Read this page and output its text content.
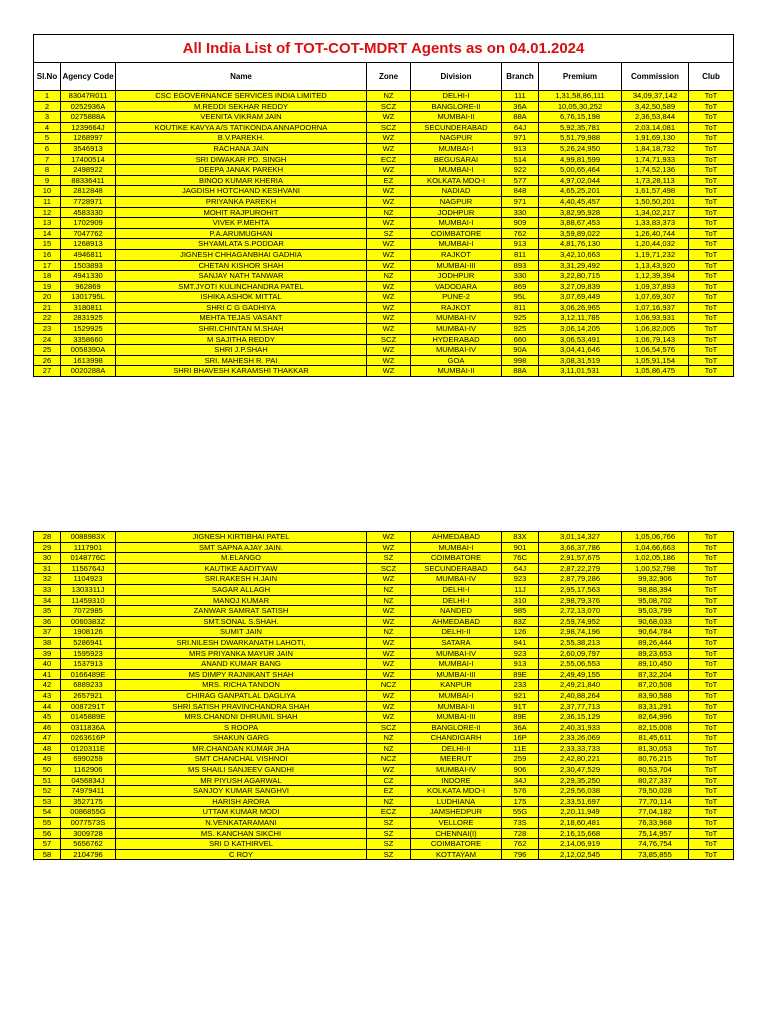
All India List of TOT-COT-MDRT Agents as on 04.01.2024								
Sl.No	Agency Code	Name	Zone	Division	Branch	Premium	Commission	Club
1	83047R011	CSC EGOVERNANCE SERVICES INDIA LIMITED	NZ	DELHI-I	111	1,31,58,86,111	34,09,37,142	ToT
2	0252936A	M.REDDI SEKHAR REDDY	SCZ	BANGLORE-II	36A	10,05,30,252	3,42,50,589	ToT
3	0275888A	VEENITA VIKRAM JAIN	WZ	MUMBAI-II	88A	6,76,15,198	2,36,53,844	ToT
4	1239664J	KOUTIKE KAVYA A/S TATIKONDA ANNAPOORNA	SCZ	SECUNDERABAD	64J	5,92,35,781	2,03,14,081	ToT
5	1268997	B.V.PAREKH.	WZ	NAGPUR	971	5,51,79,988	1,91,69,130	ToT
6	3546913	RACHANA JAIN	WZ	MUMBAI-I	913	5,26,24,950	1,84,18,732	ToT
7	17400514	SRI DIWAKAR PD. SINGH	ECZ	BEGUSARAI	514	4,99,81,599	1,74,71,933	ToT
8	2498922	DEEPA JANAK PAREKH	WZ	MUMBAI-I	922	5,00,65,464	1,74,52,136	ToT
9	88336411	BINOD KUMAR KHERIA	EZ	KOLKATA MDO-I	577	4,97,02,044	1,73,28,113	ToT
10	2812848	JAGDISH HOTCHAND KESHVANI	WZ	NADIAD	848	4,65,25,201	1,61,57,498	ToT
11	7728971	PRIYANKA PAREKH	WZ	NAGPUR	971	4,40,45,457	1,50,50,201	ToT
12	4583330	MOHIT RAJPUROHIT	NZ	JODHPUR	330	3,82,95,928	1,34,02,217	ToT
13	1702909	VIVEK P.MEHTA	WZ	MUMBAI-I	909	3,88,67,453	1,33,83,373	ToT
14	7047762	P.A.ARUMUGHAN	SZ	COIMBATORE	762	3,59,89,022	1,26,40,744	ToT
15	1268913	SHYAMLATA S.PODDAR	WZ	MUMBAI-I	913	4,81,76,130	1,20,44,032	ToT
16	4946811	JIGNESH CHHAGANBHAI GADHIA	WZ	RAJKOT	811	3,42,10,663	1,19,71,232	ToT
17	1503893	CHETAN KISHOR SHAH	WZ	MUMBAI-III	893	3,31,29,492	1,13,43,920	ToT
18	4941330	SANJAY NATH TANWAR	NZ	JODHPUR	330	3,22,80,715	1,12,39,394	ToT
19	962869	SMT.JYOTI KULINCHANDRA PATEL	WZ	VADODARA	869	3,27,09,839	1,09,37,893	ToT
20	1301795L	ISHIKA ASHOK MITTAL	WZ	PUNE-2	95L	3,07,69,449	1,07,69,307	ToT
21	3180811	SHRI C G GADHIYA	WZ	RAJKOT	811	3,06,26,965	1,07,16,937	ToT
22	2831925	MEHTA TEJAS VASANT	WZ	MUMBAI-IV	925	3,12,11,785	1,06,93,931	ToT
23	1529925	SHRI.CHINTAN M.SHAH	WZ	MUMBAI-IV	925	3,06,14,205	1,06,82,005	ToT
24	3358660	M SAJITHA REDDY	SCZ	HYDERABAD	660	3,06,53,491	1,06,79,143	ToT
25	0058390A	SHRI J.P.SHAH	WZ	MUMBAI-IV	90A	3,04,41,646	1,06,54,576	ToT
26	1613998	SRI. MAHESH R. PAI	WZ	GOA	998	3,08,31,519	1,05,91,154	ToT
27	0020288A	SHRI BHAVESH KARAMSHI THAKKAR	WZ	MUMBAI-II	88A	3,11,01,531	1,05,86,475	ToT
28	0088983X	JIGNESH KIRTIBHAI PATEL	WZ	AHMEDABAD	83X	3,01,14,327	1,05,06,766	ToT
29	1117901	SMT SAPNA AJAY JAIN.	WZ	MUMBAI-I	901	3,66,37,786	1,04,66,663	ToT
30	0148776C	M.ELANGO	SZ	COIMBATORE	76C	2,91,57,675	1,02,05,186	ToT
31	1156764J	KAUTIKE AADITYAW	SCZ	SECUNDERABAD	64J	2,87,22,279	1,00,52,798	ToT
32	1104923	SRI.RAKESH H.JAIN	WZ	MUMBAI-IV	923	2,87,79,286	99,32,906	ToT
33	1303311J	SAGAR ALLAGH	NZ	DELHI-I	11J	2,95,17,563	98,88,394	ToT
34	11459310	MANOJ KUMAR	NZ	DELHI-I	310	2,98,79,376	95,08,702	ToT
35	7072985	ZANWAR SAMRAT SATISH	WZ	NANDED	985	2,72,13,070	95,03,799	ToT
36	0060383Z	SMT.SONAL S.SHAH.	WZ	AHMEDABAD	83Z	2,59,74,952	90,68,033	ToT
37	1908126	SUMIT JAIN	NZ	DELHI-II	126	2,98,74,196	90,64,784	ToT
38	5286941	SRI.NILESH DWARKANATH LAHOTI,	WZ	SATARA	941	2,55,38,213	89,26,444	ToT
39	1595923	MRS PRIYANKA MAYUR JAIN	WZ	MUMBAI-IV	923	2,60,09,797	89,23,653	ToT
40	1537913	ANAND KUMAR BANG	WZ	MUMBAI-I	913	2,55,06,553	89,10,450	ToT
41	0166489E	MS DIMPY RAJNIKANT SHAH	WZ	MUMBAI-III	89E	2,49,49,155	87,32,204	ToT
42	6889233	MRS. RICHA TANDON	NCZ	KANPUR	233	2,49,21,840	87,20,508	ToT
43	2657921	CHIRAG GANPATLAL DAGLIYA	WZ	MUMBAI-I	921	2,40,88,264	83,90,588	ToT
44	0087291T	SHRI SATISH PRAVINCHANDRA SHAH	WZ	MUMBAI-II	91T	2,37,77,713	83,31,291	ToT
45	0145889E	MRS.CHANDNI DHRUMIL SHAH	WZ	MUMBAI-III	89E	2,36,15,129	82,64,996	ToT
46	0311836A	S ROOPA	SCZ	BANGLORE-II	36A	2,40,31,933	82,15,008	ToT
47	0263616P	SHAKUN GARG	NZ	CHANDIGARH	16P	2,33,26,069	81,45,611	ToT
48	0120311E	MR.CHANDAN KUMAR JHA	NZ	DELHI-II	11E	2,33,33,733	81,30,053	ToT
49	6990259	SMT CHANCHAL VISHNOI	NCZ	MEERUT	259	2,42,80,221	80,76,215	ToT
50	1162906	MS SHAILI SANJEEV GANDHI	WZ	MUMBAI-IV	906	2,30,47,529	80,53,704	ToT
51	0456834J	MR PIYUSH AGARWAL	CZ	INDORE	34J	2,29,35,250	80,27,337	ToT
52	74979411	SANJOY KUMAR SANGHVI	EZ	KOLKATA MDO-I	576	2,29,56,038	79,50,028	ToT
53	3527175	HARISH ARORA	NZ	LUDHIANA	175	2,33,51,697	77,70,114	ToT
54	0086855G	UTTAM KUMAR MODI	ECZ	JAMSHEDPUR	55G	2,20,11,949	77,04,182	ToT
55	0077573S	N.VENKATARAMANI	SZ	VELLORE	73S	2,18,60,481	76,33,968	ToT
56	3009728	MS. KANCHAN SIKCHI	SZ	CHENNAI(I)	728	2,16,15,668	75,14,957	ToT
57	5656762	SRI D KATHIRVEL	SZ	COIMBATORE	762	2,14,06,919	74,76,754	ToT
58	2104796	C ROY	SZ	KOTTAYAM	796	2,12,02,545	73,85,855	ToT
